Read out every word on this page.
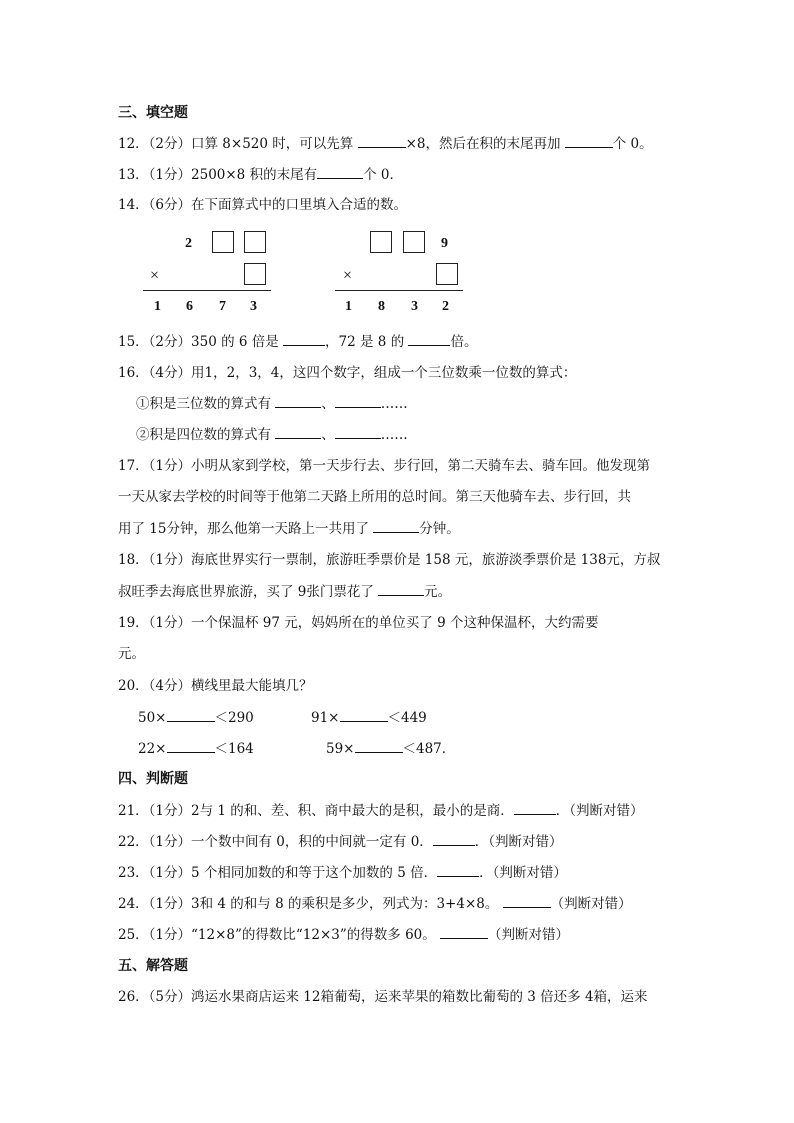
三、填空题
12．（2分）口算 8×520 时，可以先算	×8，然后在积的末尾再加	个 0。
13．（1分）2500×8 积的末尾有	个 0．
14．（6分）在下面算式中的口里填入合适的数。
2
×
1 6 7 3
9
×
1 8 3 2
15．（2分）350 的 6 倍是	，72 是 8 的	倍。
16．（4分）用1，2，3，4，这四个数字，组成一个三位数乘一位数的算式：
①积是三位数的算式有	、	……
②积是四位数的算式有	、	……
17．（1分）小明从家到学校，第一天步行去、步行回，第二天骑车去、骑车回。他发现第
一天从家去学校的时间等于他第二天路上所用的总时间。第三天他骑车去、步行回，共
用了 15分钟，那么他第一天路上一共用了	分钟。
18．（1分）海底世界实行一票制，旅游旺季票价是 158 元，旅游淡季票价是 138元，方叔
叔旺季去海底世界旅游，买了 9张门票花了	元。
19．（1分）一个保温杯 97 元，妈妈所在的单位买了 9 个这种保温杯，大约需要
元。
20．（4分）横线里最大能填几？
50×	＜290	91×	＜449
22×	＜164	59×	＜487．
四、判断题
21．（1分）2与 1 的和、差、积、商中最大的是积，最小的是商．	．（判断对错）
22．（1分）一个数中间有 0，积的中间就一定有 0．	．（判断对错）
23．（1分）5 个相同加数的和等于这个加数的 5 倍．	．（判断对错）
24．（1分）3和 4 的和与 8 的乘积是多少，列式为：3+4×8。	（判断对错）
25．（1分）“12×8”的得数比“12×3”的得数多 60。	（判断对错）
五、解答题
26．（5分）鸿运水果商店运来 12箱葡萄，运来苹果的箱数比葡萄的 3 倍还多 4箱，运来
